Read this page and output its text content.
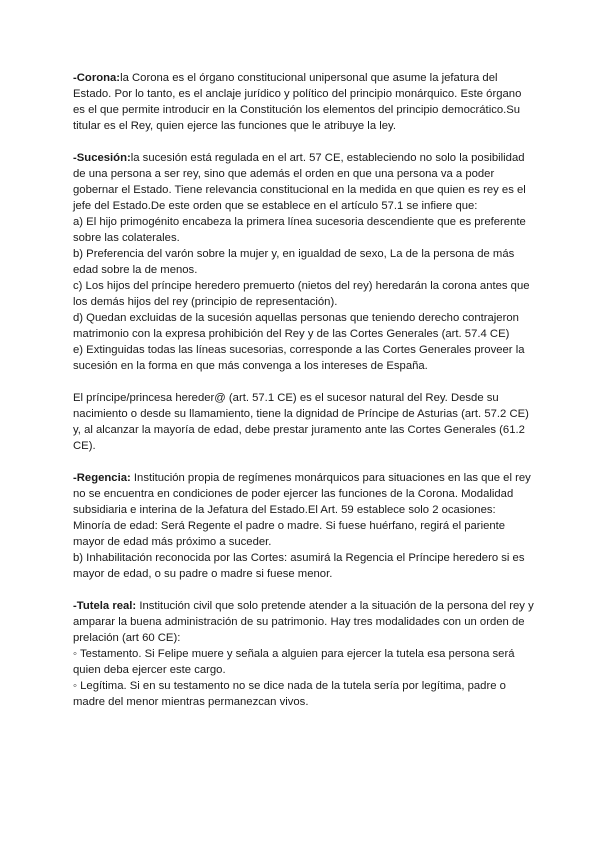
-Corona:la Corona es el órgano constitucional unipersonal que asume la jefatura del Estado. Por lo tanto, es el anclaje jurídico y político del principio monárquico. Este órgano es el que permite introducir en la Constitución los elementos del principio democrático.Su titular es el Rey, quien ejerce las funciones que le atribuye la ley.

-Sucesión:la sucesión está regulada en el art. 57 CE, estableciendo no solo la posibilidad de una persona a ser rey, sino que además el orden en que una persona va a poder gobernar el Estado. Tiene relevancia constitucional en la medida en que quien es rey es el jefe del Estado.De este orden que se establece en el artículo 57.1 se infiere que:

a) El hijo primogénito encabeza la primera línea sucesoria descendiente que es preferente sobre las colaterales.

b) Preferencia del varón sobre la mujer y, en igualdad de sexo, La de la persona de más edad sobre la de menos.

c) Los hijos del príncipe heredero premuerto (nietos del rey) heredarán la corona antes que los demás hijos del rey (principio de representación).

d) Quedan excluidas de la sucesión aquellas personas que teniendo derecho contrajeron matrimonio con la expresa prohibición del Rey y de las Cortes Generales (art. 57.4 CE)

e) Extinguidas todas las líneas sucesorias, corresponde a las Cortes Generales proveer la sucesión en la forma en que más convenga a los intereses de España.

El príncipe/princesa hereder@ (art. 57.1 CE) es el sucesor natural del Rey. Desde su nacimiento o desde su llamamiento, tiene la dignidad de Príncipe de Asturias (art. 57.2 CE) y, al alcanzar la mayoría de edad, debe prestar juramento ante las Cortes Generales (61.2 CE).

-Regencia: Institución propia de regímenes monárquicos para situaciones en las que el rey no se encuentra en condiciones de poder ejercer las funciones de la Corona. Modalidad subsidiaria e interina de la Jefatura del Estado.El Art. 59 establece solo 2 ocasiones:

Minoría de edad: Será Regente el padre o madre. Si fuese huérfano, regirá el pariente mayor de edad más próximo a suceder.

b) Inhabilitación reconocida por las Cortes: asumirá la Regencia el Príncipe heredero si es mayor de edad, o su padre o madre si fuese menor.

-Tutela real: Institución civil que solo pretende atender a la situación de la persona del rey y amparar la buena administración de su patrimonio. Hay tres modalidades con un orden de prelación (art 60 CE):

◦ Testamento. Si Felipe muere y señala a alguien para ejercer la tutela esa persona será quien deba ejercer este cargo.

◦ Legítima. Si en su testamento no se dice nada de la tutela sería por legítima, padre o madre del menor mientras permanezcan vivos.
